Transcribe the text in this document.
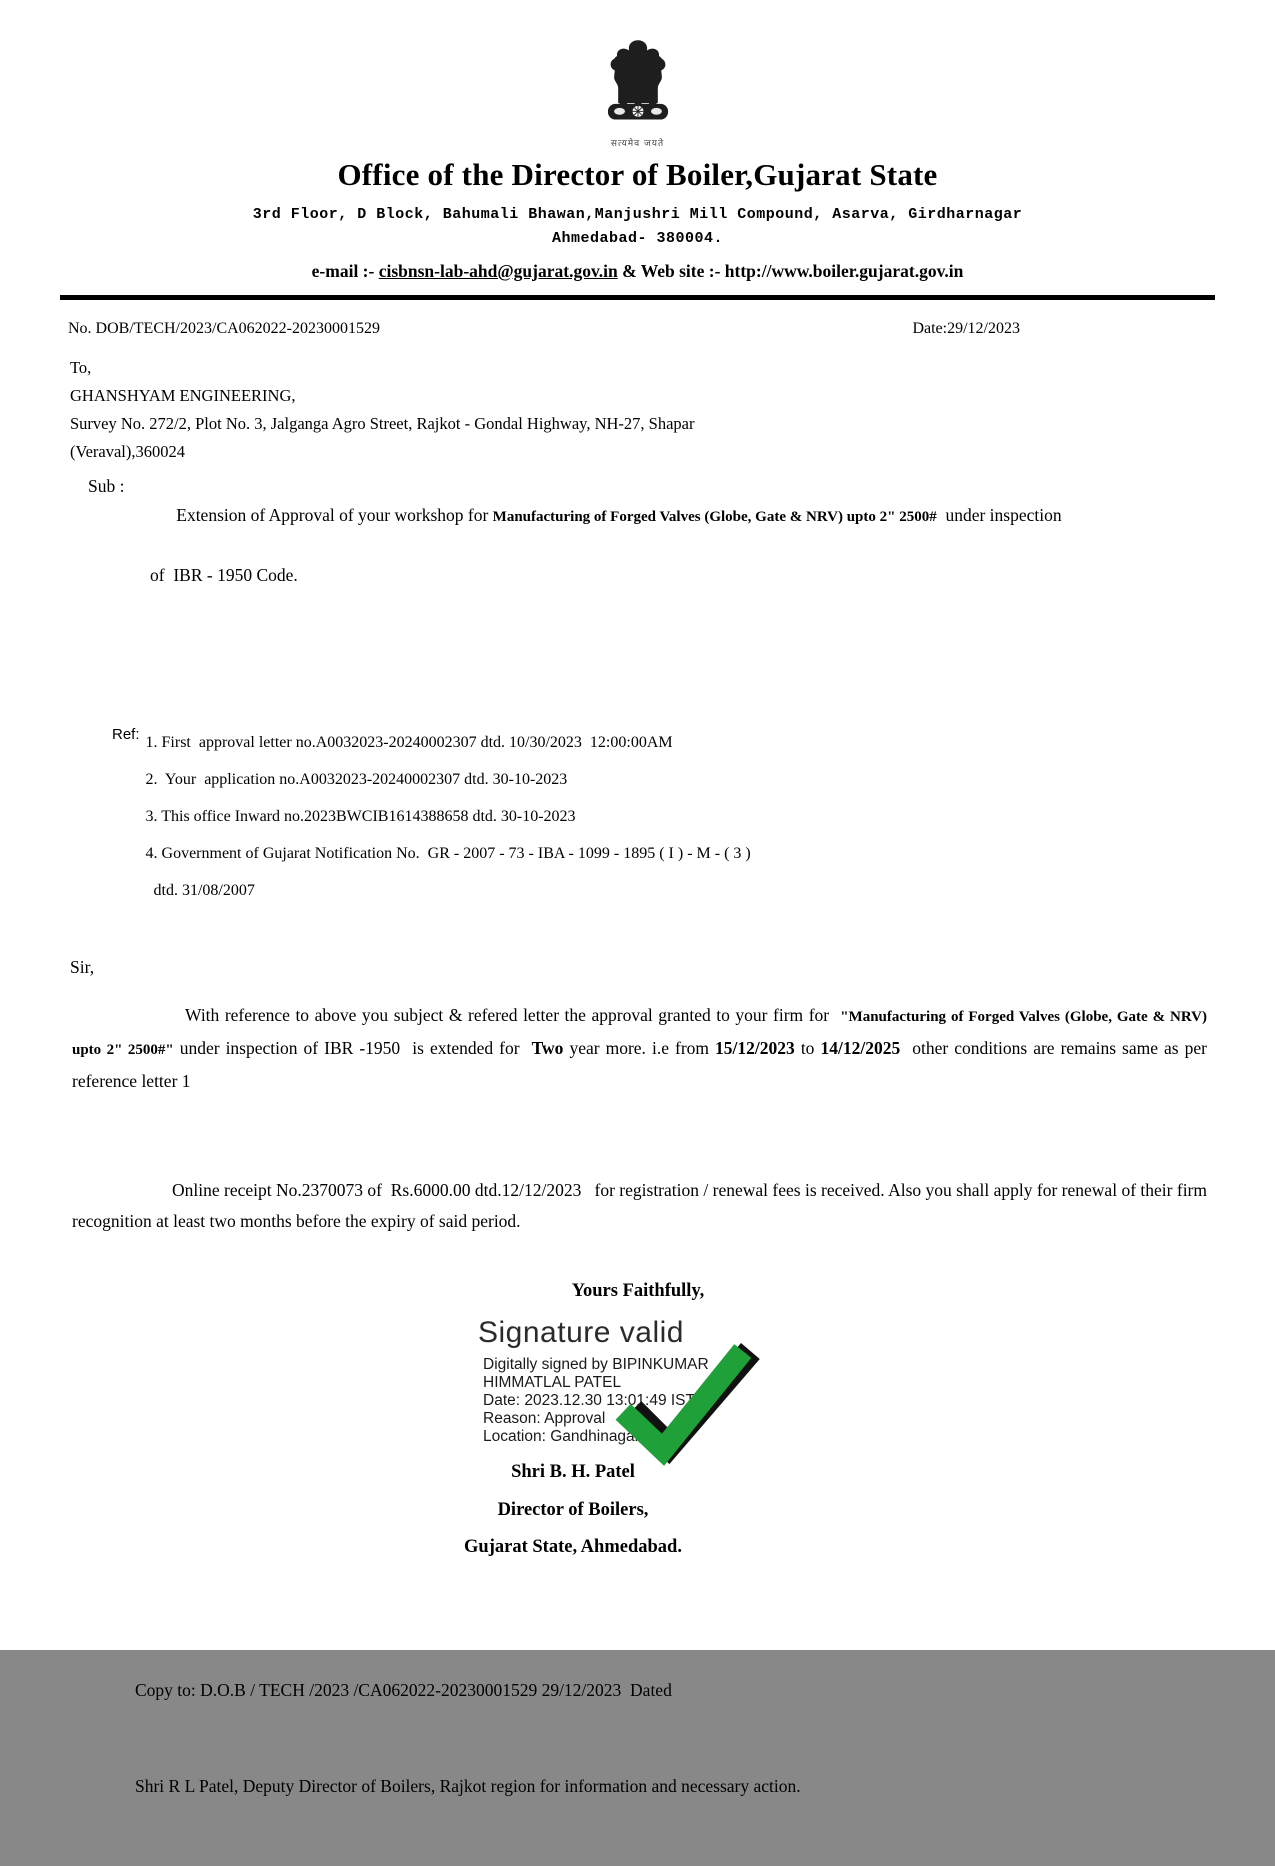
सत्यमेव जयते
Office of the Director of Boiler,Gujarat State
3rd Floor, D Block, Bahumali Bhawan,Manjushri Mill Compound, Asarva, Girdharnagar
Ahmedabad- 380004.
e-mail :- cisbnsn-lab-ahd@gujarat.gov.in & Web site :- http://www.boiler.gujarat.gov.in
No. DOB/TECH/2023/CA062022-20230001529	Date:29/12/2023
To,
GHANSHYAM ENGINEERING,
Survey No. 272/2, Plot No. 3, Jalganga Agro Street, Rajkot - Gondal Highway, NH-27, Shapar
(Veraval),360024
Sub :

Extension of Approval of your workshop for Manufacturing of Forged Valves (Globe, Gate & NRV) upto 2" 2500#  under inspection

of  IBR - 1950 Code.

Ref: 1. First  approval letter no.A0032023-20240002307 dtd. 10/30/2023  12:00:00AM
2.  Your  application no.A0032023-20240002307 dtd. 30-10-2023
3. This office Inward no.2023BWCIB1614388658 dtd. 30-10-2023
4. Government of Gujarat Notification No.  GR - 2007 - 73 - IBA - 1099 - 1895 ( I ) - M - ( 3 )
dtd. 31/08/2007
Sir,
With reference to above you subject & refered letter the approval granted to your firm for  "Manufacturing of Forged Valves (Globe, Gate & NRV) upto 2" 2500#" under inspection of IBR -1950  is extended for  Two year more. i.e from 15/12/2023 to 14/12/2025  other conditions are remains same as per reference letter 1
Online receipt No.2370073 of  Rs.6000.00 dtd.12/12/2023   for registration / renewal fees is received. Also you shall apply for renewal of their firm recognition at least two months before the expiry of said period.
Yours Faithfully,
Signature valid
Digitally signed by BIPINKUMAR
HIMMATLAL PATEL
Date: 2023.12.30 13:01:49 IST
Reason: Approval
Location: Gandhinagar
Shri B. H. Patel
Director of Boilers,
Gujarat State, Ahmedabad.

Copy to: D.O.B / TECH /2023 /CA062022-20230001529 29/12/2023  Dated

Shri R L Patel, Deputy Director of Boilers, Rajkot region for information and necessary action.
